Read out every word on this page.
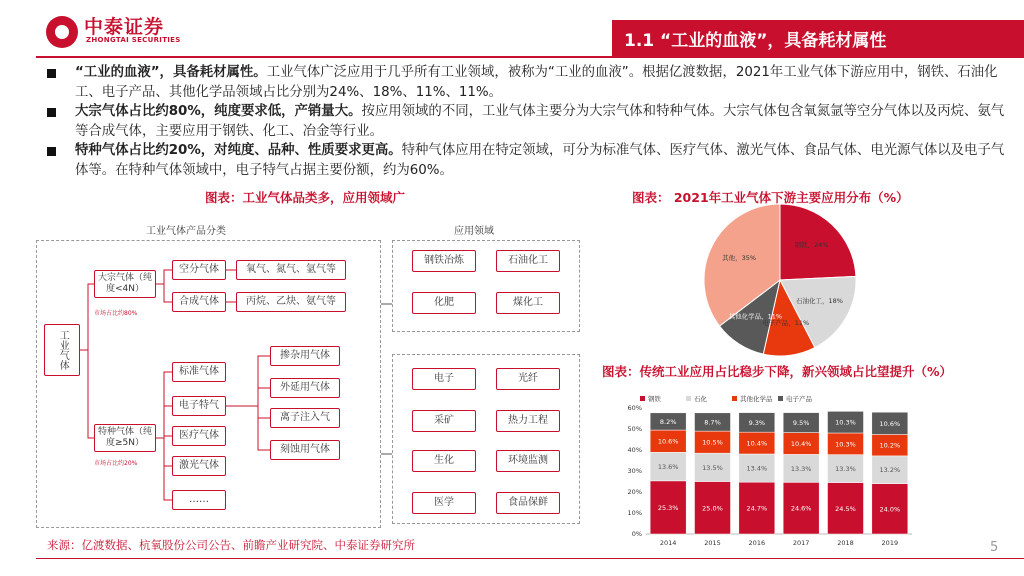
中泰证券
ZHONGTAI SECURITIES	1.1 “工业的血液”，具备耗材属性
“工业的血液”，具备耗材属性。工业气体广泛应用于几乎所有工业领域，被称为“工业的血液”。根据亿渡数据，2021年工业气体下游应用中，钢铁、石油化工、电子产品、其他化学品领域占比分别为24%、18%、11%、11%。
大宗气体占比约80%，纯度要求低，产销量大。按应用领域的不同，工业气体主要分为大宗气体和特种气体。大宗气体包含氧氮氩等空分气体以及丙烷、氨气等合成气体，主要应用于钢铁、化工、冶金等行业。
特种气体占比约20%，对纯度、品种、性质要求更高。特种气体应用在特定领域，可分为标准气体、医疗气体、激光气体、食品气体、电光源气体以及电子气体等。在特种气体领域中，电子特气占据主要份额，约为60%。
图表：工业气体品类多，应用领域广	图表： 2021年工业气体下游主要应用分布（%）
图表：传统工业应用占比稳步下降，新兴领域占比望提升（%）
工业气体产品分类	应用领域
工业气体
大宗气体（纯度<4N）
市场占比约80%
特种气体（纯度≥5N）
市场占比约20%
空分气体	氧气、氮气、氩气等
合成气体	丙烷、乙炔、氨气等
标准气体
电子特气
医疗气体
激光气体
……
掺杂用气体
外延用气体
离子注入气
刻蚀用气体
钢铁冶炼	石油化工
化肥	煤化工
电子	光纤
采矿	热力工程
生化	环境监测
医学	食品保鲜
钢铁，24%
石油化工，18%
电子产品，11%
其他化学品，11%
其他，35%
钢铁	石化	其他化学品 电子产品
0%
10%
20%
30%
40%
50%
60%
25.3%
13.6%
10.6%
8.2%
2014
25.0%
13.5%
10.5%
8.7%
2015
24.7%
13.4%
10.4%
9.3%
2016
24.6%
13.3%
10.4%
9.5%
2017
24.5%
13.3%
10.3%
10.3%
2018
24.0%
13.2%
10.2%
10.6%
2019
来源：亿渡数据、杭氧股份公司公告、前瞻产业研究院、中泰证券研究所	5
